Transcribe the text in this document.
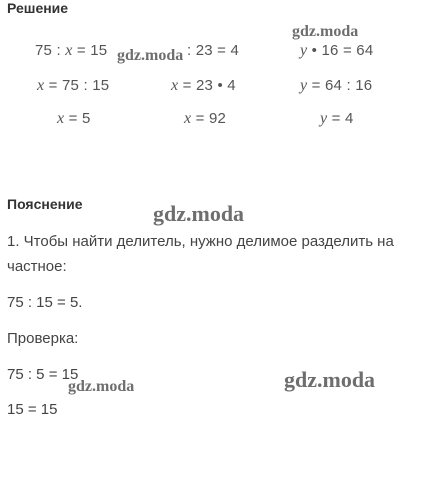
Решение
75 : x = 15
x = 75 : 15
x = 5
: 23 = 4
x = 23 • 4
x = 92
y • 16 = 64
y = 64 : 16
y = 4
Пояснение
1. Чтобы найти делитель, нужно делимое разделить на
частное:
75 : 15 = 5.
Проверка:
75 : 5 = 15
15 = 15
gdz.moda
gdz.moda
gdz.moda
gdz.moda	gdz.moda
